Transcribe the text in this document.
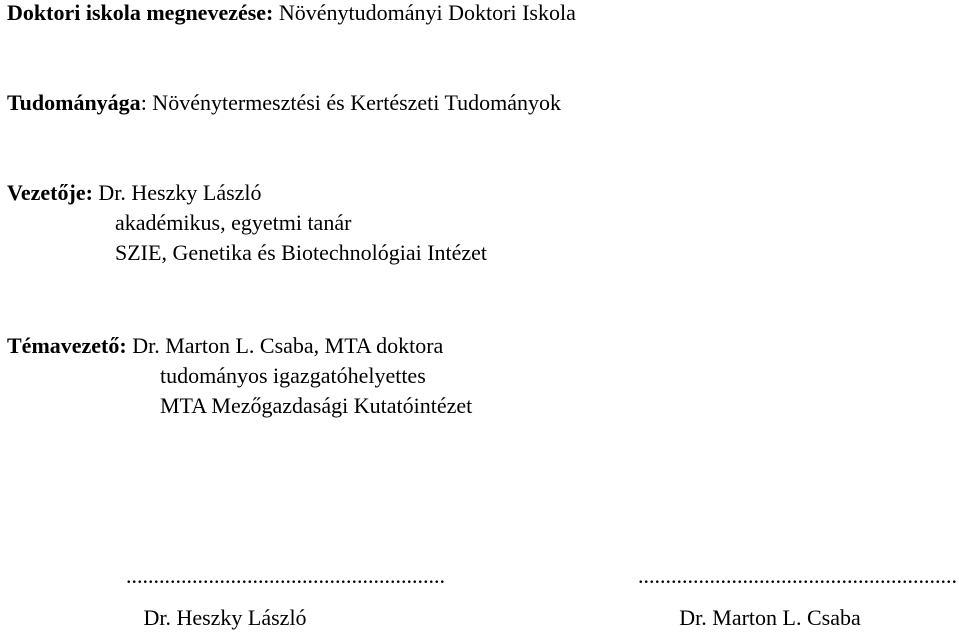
Doktori iskola megnevezése: Növénytudományi Doktori Iskola
Tudományága: Növénytermesztési és Kertészeti Tudományok
Vezetője: Dr. Heszky László
akadémikus, egyetmi tanár
SZIE, Genetika és Biotechnológiai Intézet
Témavezető: Dr. Marton L. Csaba, MTA doktora
tudományos igazgatóhelyettes
MTA Mezőgazdasági Kutatóintézet
..........................................................	..........................................................
Dr. Heszky László	Dr. Marton L. Csaba
